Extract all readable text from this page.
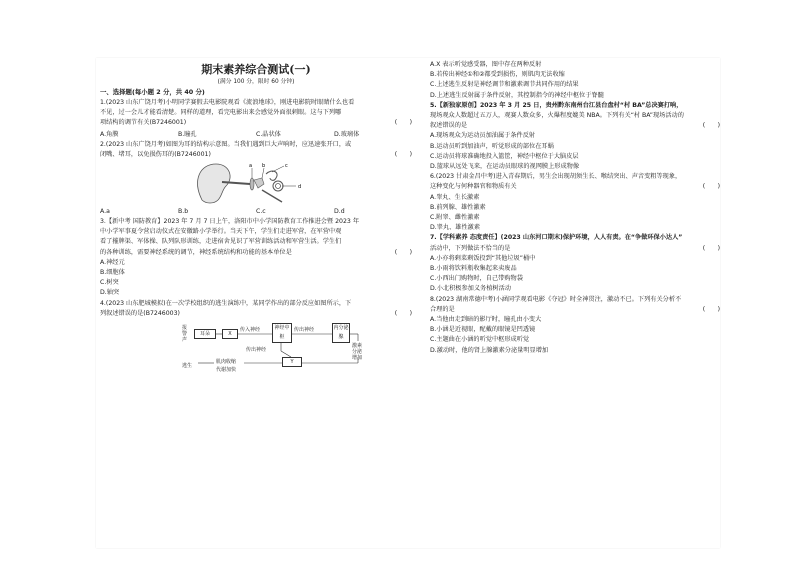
期末素养综合测试(一)
(满分 100 分，限时 60 分钟)
一、选择题(每小题 2 分，共 40 分)
1.(2023 山东广饶月考)小明同学赛假去电影院观看《流浪地球》，刚进电影院时眼睛什么也看
不见，过一会儿才能看清楚。同样的道理，看完电影出来会感觉外面很刺眼。这与下列哪
项结构的调节有关(B7246001)	(　　)
A.角膜	B.瞳孔	C.晶状体	D.玻璃体
2.(2023 山东广饶月考)如图为耳的结构示意图。当我们遇到巨大声响时，应迅速张开口，或
闭嘴、堵耳，以免损伤耳的(B7246001)	(　　)
a b	c
d
A.a	B.b	C.c	D.d
3.【新中考 国防教育】2023 年 7 月 7 日上午，洛阳市中小学国防教育工作推进会暨 2023 年
中小学军事夏令营启动仪式在安徽路小学举行。当天下午，学生们走进军营，在军营中观
看了摧牌渠、军体操、队列队形训练，走进宿舍见识了军营训练活动和军营生活。学生们
的各种训练，需要神经系统的调节，神经系统结构和功能的基本单位是	(　　)
A.神经元
B.细胞体
C.树突
D.轴突
4.(2023 山东肥城模拟)在一次学校组织的逃生演练中，某同学作出的部分反应如图所示，下
列叙述错误的是(B7246003)	(　　)
报警声
耳朵	X
传入神经	神经中枢
传出神经	内分泌腺
激素分泌增加
传出神经
Y
肌肉收缩
代谢加快
逃生
A.X 表示听觉感受器，图中存在两种反射
B.若传出神经①和②都受到损伤，则肌肉无法收缩
C.上述逃生反射是神经调节和激素调节共同作用的结果
D.上述逃生反射属于条件反射，其控制指令的神经中枢位于脊髓
5.【新独家原创】2023 年 3 月 25 日，贵州黔东南州台江县台盘村“村 BA”总决赛打响，
现场观众人数超过五万人，观赛人数众多，火爆程度媲美 NBA。下列有关“村 BA”现场活动的
叙述错误的是	(　　)
A.现场观众为运动员加油属于条件反射
B.运动员听到加油声，听觉形成的部位在耳蜗
C.运动员将球准确地投入篮筐，神经中枢位于大脑皮层
D.篮球从远处飞来，在运动员眼球的视网膜上形成物像
6.(2023 甘肃金昌中考)进入青春期后，男生会出现胡须生长、喉结突出、声音变粗等现象，
这种变化与何种器官和物质有关	(　　)
A.睾丸、生长激素
B.前列腺、雄性激素
C.附睾、雌性激素
D.睾丸、雄性激素
7.【学科素养 态度责任】(2023 山东河口期末)保护环境，人人有责。在“争做环保小达人”
活动中，下列做法不恰当的是	(　　)
A.小亦将剩菜剩饭投到“其他垃圾”桶中
B.小雨将饮料瓶收集起来卖废品
C.小西出门购物时，自己带购物袋
D.小北积极参加义务植树活动
8.(2023 湖南常德中考)小涵同学观看电影《夺冠》时全神贯注，激动不已。下列有关分析不
合理的是	(　　)
A.当他由走到暗的影厅时，瞳孔由小变大
B.小涵是近视眼，配戴的眼镜是凹透镜
C.主题曲在小涵的听觉中枢形成听觉
D.激动时，他的肾上腺激素分泌量明显增加
